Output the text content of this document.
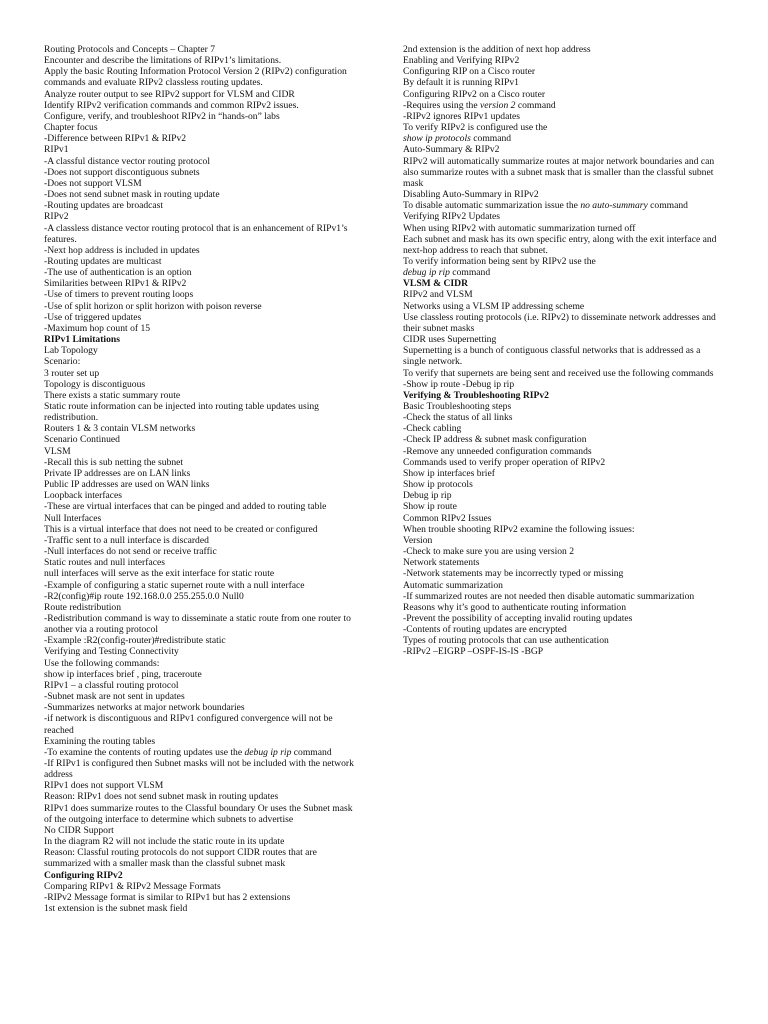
Routing Protocols and Concepts – Chapter 7
Encounter and describe the limitations of RIPv1’s limitations.
Apply the basic Routing Information Protocol Version 2 (RIPv2) configuration commands and evaluate RIPv2 classless routing updates.
Analyze router output to see RIPv2 support for VLSM and CIDR
Identify RIPv2 verification commands and common RIPv2 issues.
Configure, verify, and troubleshoot RIPv2 in “hands-on” labs
Chapter focus
-Difference between RIPv1 & RIPv2
RIPv1
-A classful distance vector routing protocol
-Does not support discontiguous subnets
-Does not support VLSM
-Does not send subnet mask in routing update
-Routing updates are broadcast
RIPv2
-A classless distance vector routing protocol that is an enhancement of RIPv1’s features.
-Next hop address is included in updates
-Routing updates are multicast
-The use of authentication is an option
Similarities between RIPv1 & RIPv2
-Use of timers to prevent routing loops
-Use of split horizon or split horizon with poison reverse
-Use of triggered updates
-Maximum hop count of 15
RIPv1 Limitations
Lab Topology
Scenario:
3 router set up
Topology is discontiguous
There exists a static summary route
Static route information can be injected into routing table updates using redistribution.
Routers 1 & 3 contain VLSM networks
Scenario Continued
VLSM
-Recall this is sub netting the subnet
Private IP addresses are on LAN links
Public IP addresses are used on WAN links
Loopback interfaces
-These are virtual interfaces that can be pinged and added to routing table
Null Interfaces
This is a virtual interface that does not need to be created or configured
-Traffic sent to a null interface is discarded
-Null interfaces do not send or receive traffic
Static routes and null interfaces
null interfaces will serve as the exit interface for static route
-Example of configuring a static supernet route with a null interface
-R2(config)#ip route 192.168.0.0 255.255.0.0 Null0
Route redistribution
-Redistribution command is way to disseminate a static route from one router to another via a routing protocol
-Example :R2(config-router)#redistribute static
Verifying and Testing Connectivity
Use the following commands:
show ip interfaces brief , ping, traceroute
RIPv1 – a classful routing protocol
-Subnet mask are not sent in updates
-Summarizes networks at major network boundaries
-if network is discontiguous and RIPv1 configured convergence will not be reached
Examining the routing tables
-To examine the contents of routing updates use the debug ip rip command
-If RIPv1 is configured then Subnet masks will not be included with the network address
RIPv1 does not support VLSM
Reason: RIPv1 does not send subnet mask in routing updates
RIPv1 does summarize routes to the Classful boundary Or uses the Subnet mask of the outgoing interface to determine which subnets to advertise
No CIDR Support
In the diagram R2 will not include the static route in its update
Reason: Classful routing protocols do not support CIDR routes that are summarized with a smaller mask than the classful subnet mask
Configuring RIPv2
Comparing RIPv1 & RIPv2 Message Formats
-RIPv2 Message format is similar to RIPv1 but has 2 extensions
1st extension is the subnet mask field
2nd extension is the addition of next hop address
Enabling and Verifying RIPv2
Configuring RIP on a Cisco router
By default it is running RIPv1
Configuring RIPv2 on a Cisco router
-Requires using the version 2 command
-RIPv2 ignores RIPv1 updates
To verify RIPv2 is configured use the
show ip protocols command
Auto-Summary & RIPv2
RIPv2 will automatically summarize routes at major network boundaries and can also summarize routes with a subnet mask that is smaller than the classful subnet mask
Disabling Auto-Summary in RIPv2
To disable automatic summarization issue the no auto-summary command
Verifying RIPv2 Updates
When using RIPv2 with automatic summarization turned off
Each subnet and mask has its own specific entry, along with the exit interface and next-hop address to reach that subnet.
To verify information being sent by RIPv2 use the
debug ip rip command
VLSM & CIDR
RIPv2 and VLSM
Networks using a VLSM IP addressing scheme
Use classless routing protocols (i.e. RIPv2) to disseminate network addresses and their subnet masks
CIDR uses Supernetting
Supernetting is a bunch of contiguous classful networks that is addressed as a single network.
To verify that supernets are being sent and received use the following commands
-Show ip route -Debug ip rip
Verifying & Troubleshooting RIPv2
Basic Troubleshooting steps
-Check the status of all links
-Check cabling
-Check IP address & subnet mask configuration
-Remove any unneeded configuration commands
Commands used to verify proper operation of RIPv2
Show ip interfaces brief
Show ip protocols
Debug ip rip
Show ip route
Common RIPv2 Issues
When trouble shooting RIPv2 examine the following issues:
Version
-Check to make sure you are using version 2
Network statements
-Network statements may be incorrectly typed or missing
Automatic summarization
-If summarized routes are not needed then disable automatic summarization
Reasons why it’s good to authenticate routing information
-Prevent the possibility of accepting invalid routing updates
-Contents of routing updates are encrypted
Types of routing protocols that can use authentication
-RIPv2 –EIGRP –OSPF-IS-IS -BGP
